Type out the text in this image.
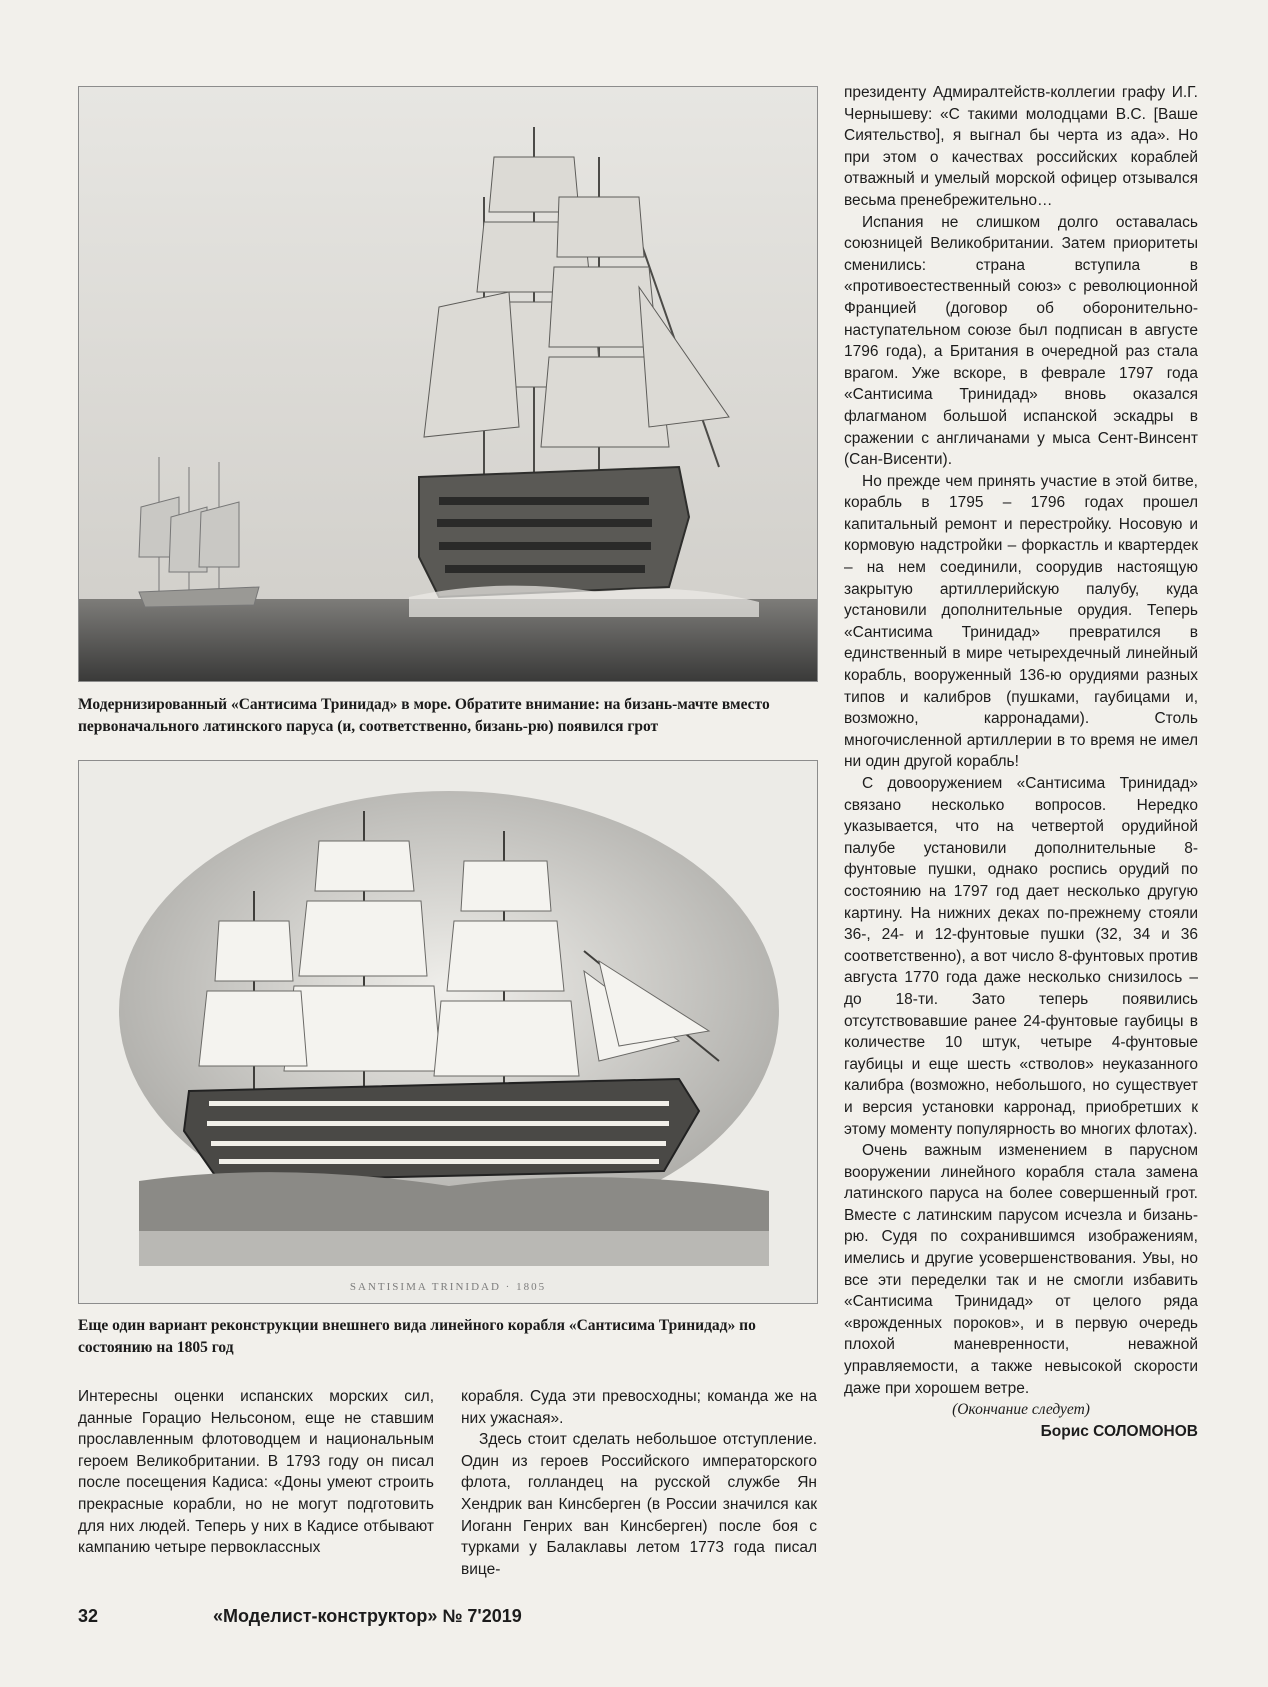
Модернизированный «Сантисима Тринидад» в море. Обратите внимание: на бизань-мачте вместо первоначального латинского паруса (и, соответственно, бизань-рю) появился грот
SANTISIMA TRINIDAD · 1805
Еще один вариант реконструкции внешнего вида линейного корабля «Сантисима Тринидад» по состоянию на 1805 год

президенту Адмиралтейств-коллегии графу И.Г. Чернышеву: «С такими молодцами В.С. [Ваше Сиятельство], я выгнал бы черта из ада». Но при этом о качествах российских кораблей отважный и умелый морской офицер отзывался весьма пренебрежительно…

Испания не слишком долго оставалась союзницей Великобритании. Затем приоритеты сменились: страна вступила в «противоестественный союз» с революционной Францией (договор об оборонительно-наступательном союзе был подписан в августе 1796 года), а Британия в очередной раз стала врагом. Уже вскоре, в феврале 1797 года «Сантисима Тринидад» вновь оказался флагманом большой испанской эскадры в сражении с англичанами у мыса Сент-Винсент (Сан-Висенти).

Но прежде чем принять участие в этой битве, корабль в 1795 – 1796 годах прошел капитальный ремонт и перестройку. Носовую и кормовую надстройки – форкастль и квартердек – на нем соединили, соорудив настоящую закрытую артиллерийскую палубу, куда установили дополнительные орудия. Теперь «Сантисима Тринидад» превратился в единственный в мире четырехдечный линейный корабль, вооруженный 136-ю орудиями разных типов и калибров (пушками, гаубицами и, возможно, карронадами). Столь многочисленной артиллерии в то время не имел ни один другой корабль!

С довооружением «Сантисима Тринидад» связано несколько вопросов. Нередко указывается, что на четвертой орудийной палубе установили дополнительные 8-фунтовые пушки, однако роспись орудий по состоянию на 1797 год дает несколько другую картину. На нижних деках по-прежнему стояли 36-, 24- и 12-фунтовые пушки (32, 34 и 36 соответственно), а вот число 8-фунтовых против августа 1770 года даже несколько снизилось – до 18-ти. Зато теперь появились отсутствовавшие ранее 24-фунтовые гаубицы в количестве 10 штук, четыре 4-фунтовые гаубицы и еще шесть «стволов» неуказанного калибра (возможно, небольшого, но существует и версия установки карронад, приобретших к этому моменту популярность во многих флотах).

Очень важным изменением в парусном вооружении линейного корабля стала замена латинского паруса на более совершенный грот. Вместе с латинским парусом исчезла и бизань-рю. Судя по сохранившимся изображениям, имелись и другие усовершенствования. Увы, но все эти переделки так и не смогли избавить «Сантисима Тринидад» от целого ряда «врожденных пороков», и в первую очередь плохой маневренности, неважной управляемости, а также невысокой скорости даже при хорошем ветре.

(Окончание следует)

Борис СОЛОМОНОВ

Интересны оценки испанских морских сил, данные Горацио Нельсоном, еще не ставшим прославленным флотоводцем и национальным героем Великобритании. В 1793 году он писал после посещения Кадиса: «Доны умеют строить прекрасные корабли, но не могут подготовить для них людей. Теперь у них в Кадисе отбывают кампанию четыре первоклассных

корабля. Суда эти превосходны; команда же на них ужасная».

Здесь стоит сделать небольшое отступление. Один из героев Российского императорского флота, голландец на русской службе Ян Хендрик ван Кинсберген (в России значился как Иоганн Генрих ван Кинсберген) после боя с турками у Балаклавы летом 1773 года писал вице-

32	«Моделист-конструктор» № 7'2019
